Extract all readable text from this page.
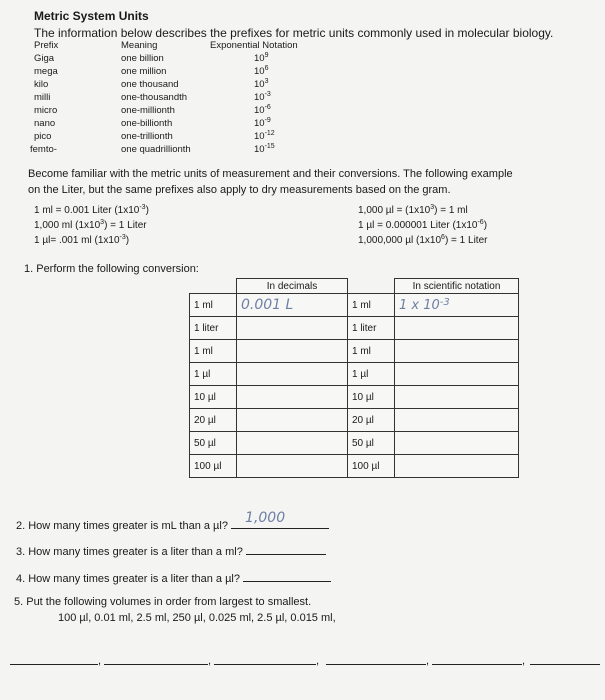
Metric System Units
The information below describes the prefixes for metric units commonly used in molecular biology.
Prefix	Meaning	Exponential Notation
Giga	one billion	$10^9$
mega	one million	$10^6$
kilo	one thousand	$10^3$
milli	one-thousandth	$10^{-3}$
micro	one-millionth	$10^{-6}$
nano	one-billionth	$10^{-9}$
pico	one-trillionth	$10^{-12}$
femto-	one quadrillionth	$10^{-15}$
Become familiar with the metric units of measurement and their conversions. The following example
on the Liter, but the same prefixes also apply to dry measurements based on the gram.
1 ml = 0.001 Liter $(1x10^{-3})$
1,000 ml $(1x10^3) = 1$ Liter
1 µl= .001 ml $(1x10^{-3})$
1,000 $\mu l = (1x10^3) = 1$ ml
1 µl = 0.000001 Liter $(1x10^{-6})$
1,000,000 µl $(1x10^6) = 1$ Liter
1. Perform the following conversion:
	In decimals		In scientific notation
1 ml	0.001 L	1 ml	1 x $10^{-3}$
1 liter		1 liter	
1 ml		1 ml	
1 µl		1 µl	
10 µl		10 µl	
20 µl		20 µl	
50 µl		50 µl	
100 µl		100 µl	
2. How many times greater is mL than a µl? 1,000
3. How many times greater is a liter than a ml?
4. How many times greater is a liter than a µl?
5. Put the following volumes in order from largest to smallest.
100 µl, 0.01 ml, 2.5 ml, 250 µl, 0.025 ml, 2.5 µl, 0.015 ml,
,	,	,	,	,
